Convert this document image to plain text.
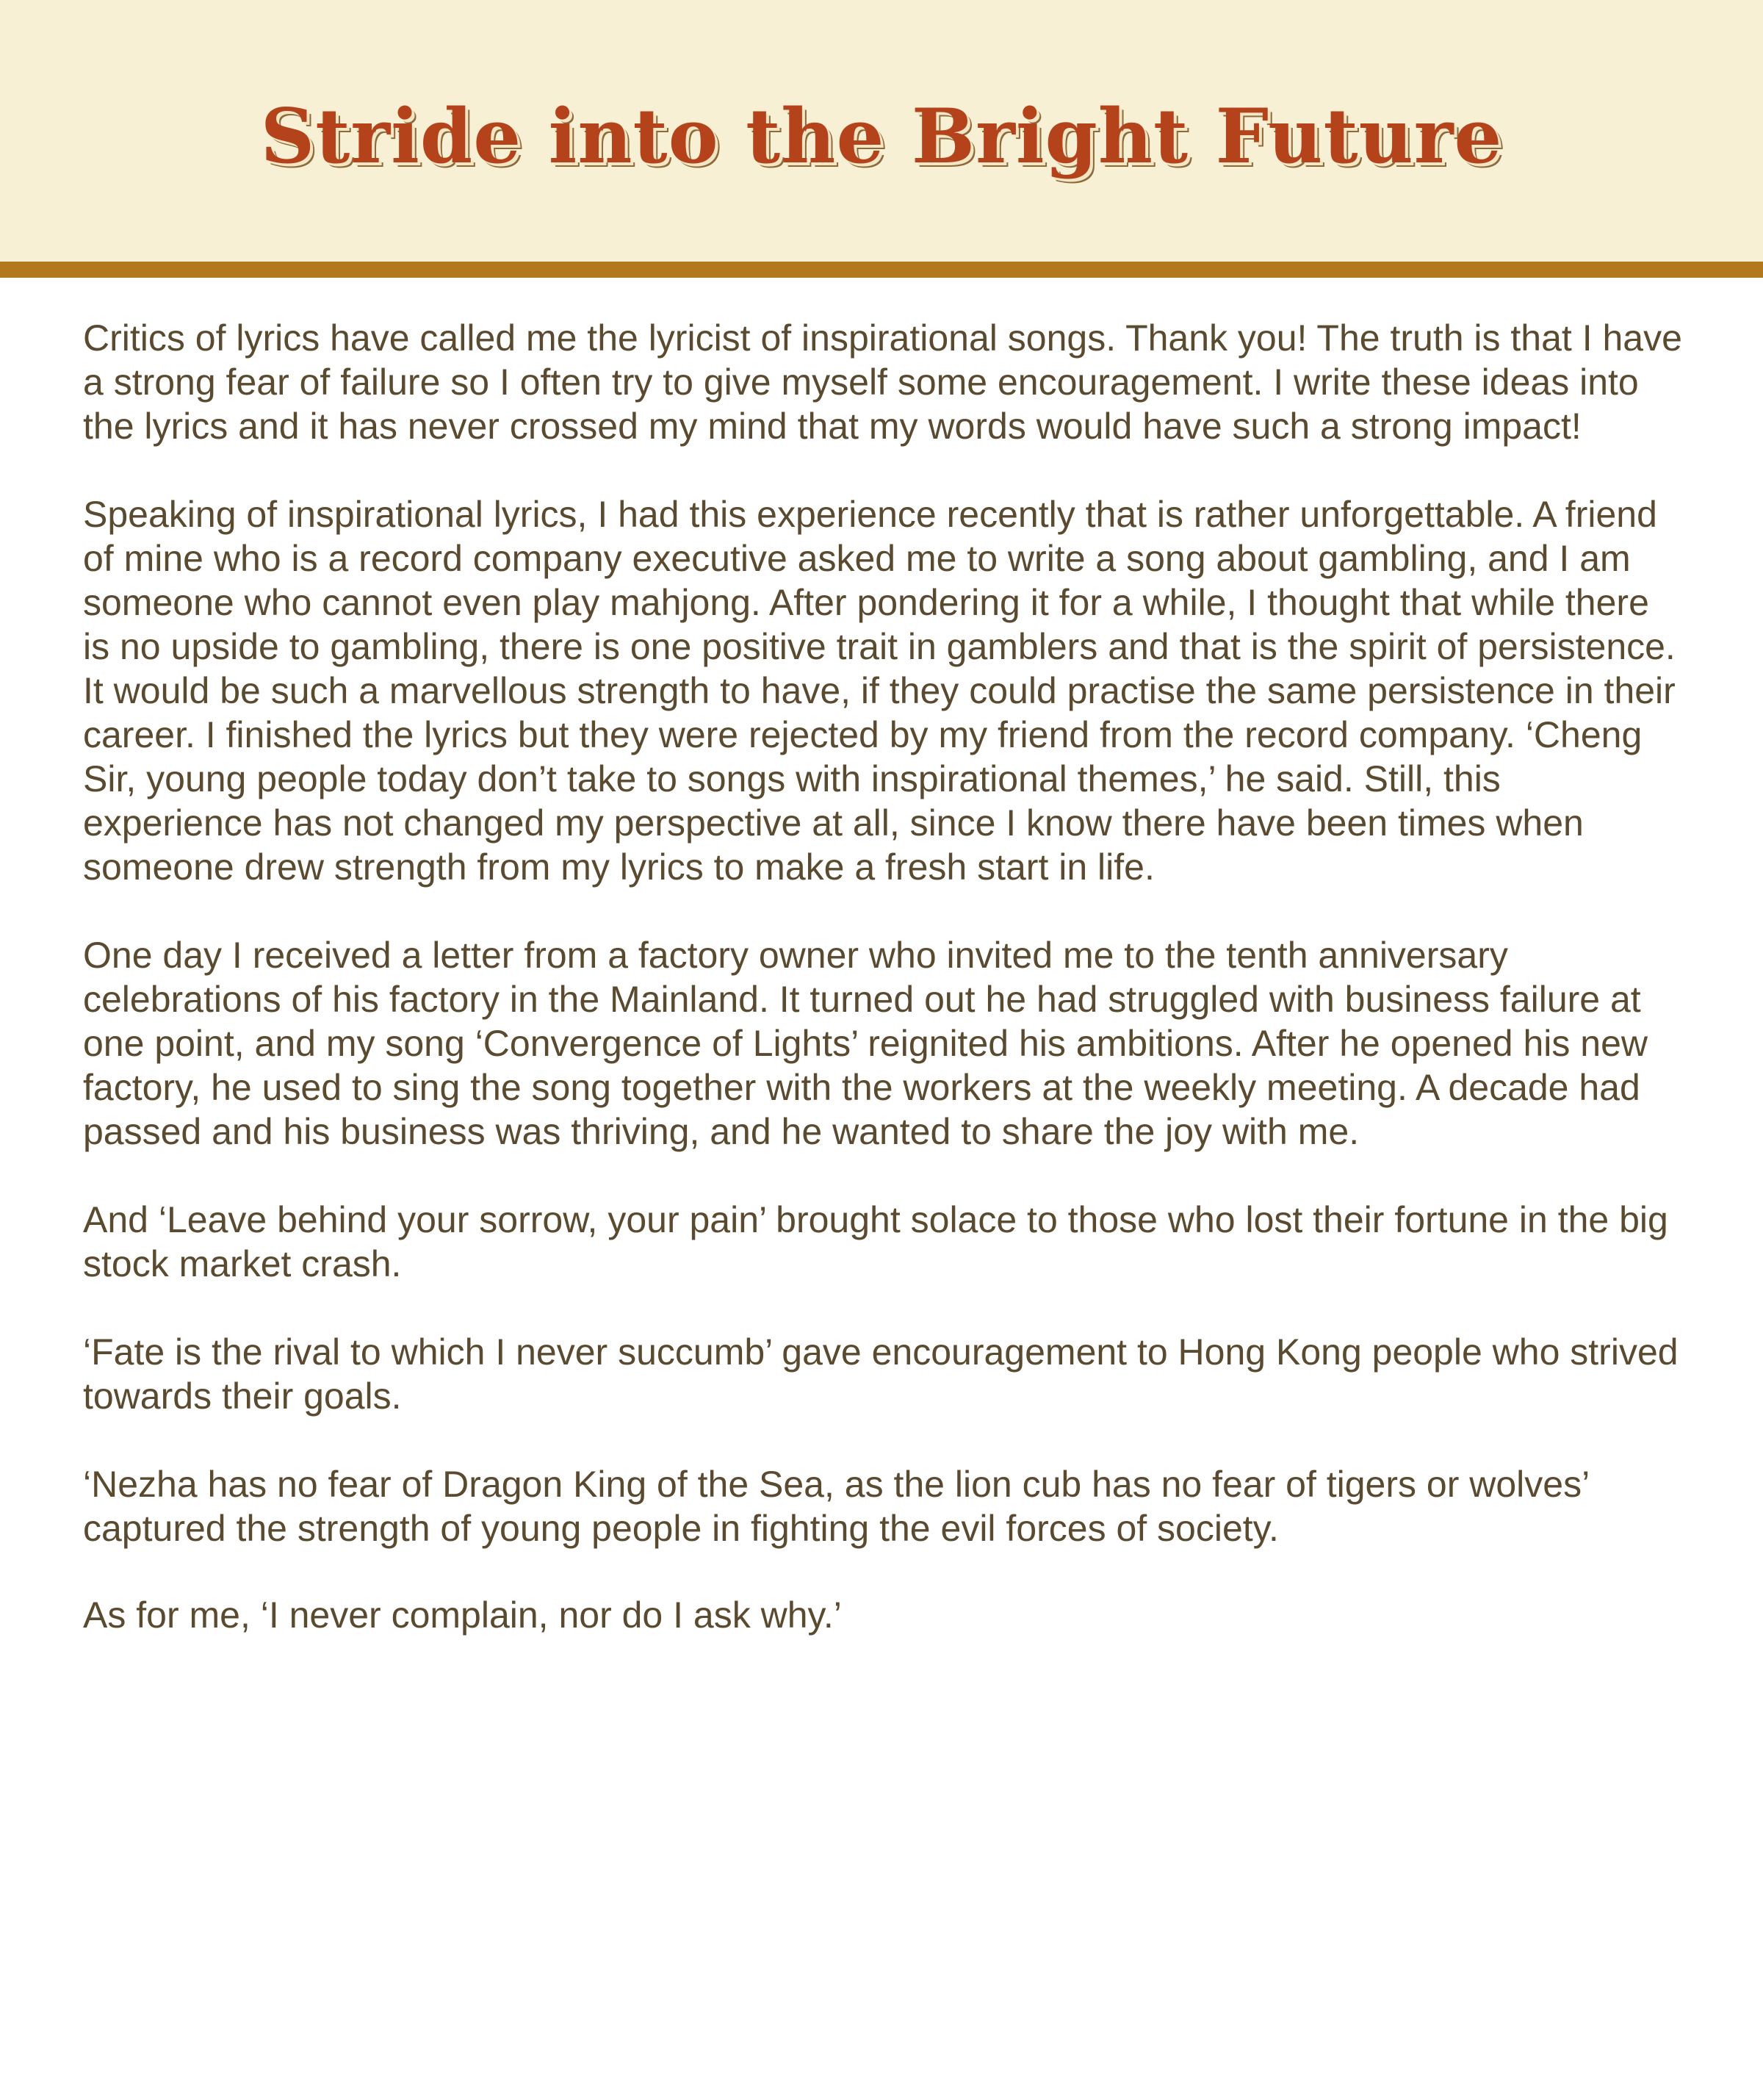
Stride into the Bright Future

Critics of lyrics have called me the lyricist of inspirational songs. Thank you! The truth is that I have a strong fear of failure so I often try to give myself some encouragement. I write these ideas into the lyrics and it has never crossed my mind that my words would have such a strong impact!

Speaking of inspirational lyrics, I had this experience recently that is rather unforgettable. A friend of mine who is a record company executive asked me to write a song about gambling, and I am someone who cannot even play mahjong. After pondering it for a while, I thought that while there is no upside to gambling, there is one positive trait in gamblers and that is the spirit of persistence. It would be such a marvellous strength to have, if they could practise the same persistence in their career. I finished the lyrics but they were rejected by my friend from the record company. ‘Cheng Sir, young people today don’t take to songs with inspirational themes,’ he said. Still, this experience has not changed my perspective at all, since I know there have been times when someone drew strength from my lyrics to make a fresh start in life.

One day I received a letter from a factory owner who invited me to the tenth anniversary celebrations of his factory in the Mainland. It turned out he had struggled with business failure at one point, and my song ‘Convergence of Lights’ reignited his ambitions. After he opened his new factory, he used to sing the song together with the workers at the weekly meeting. A decade had passed and his business was thriving, and he wanted to share the joy with me.

And ‘Leave behind your sorrow, your pain’ brought solace to those who lost their fortune in the big stock market crash.

‘Fate is the rival to which I never succumb’ gave encouragement to Hong Kong people who strived towards their goals.

‘Nezha has no fear of Dragon King of the Sea, as the lion cub has no fear of tigers or wolves’ captured the strength of young people in fighting the evil forces of society.

As for me, ‘I never complain, nor do I ask why.’
